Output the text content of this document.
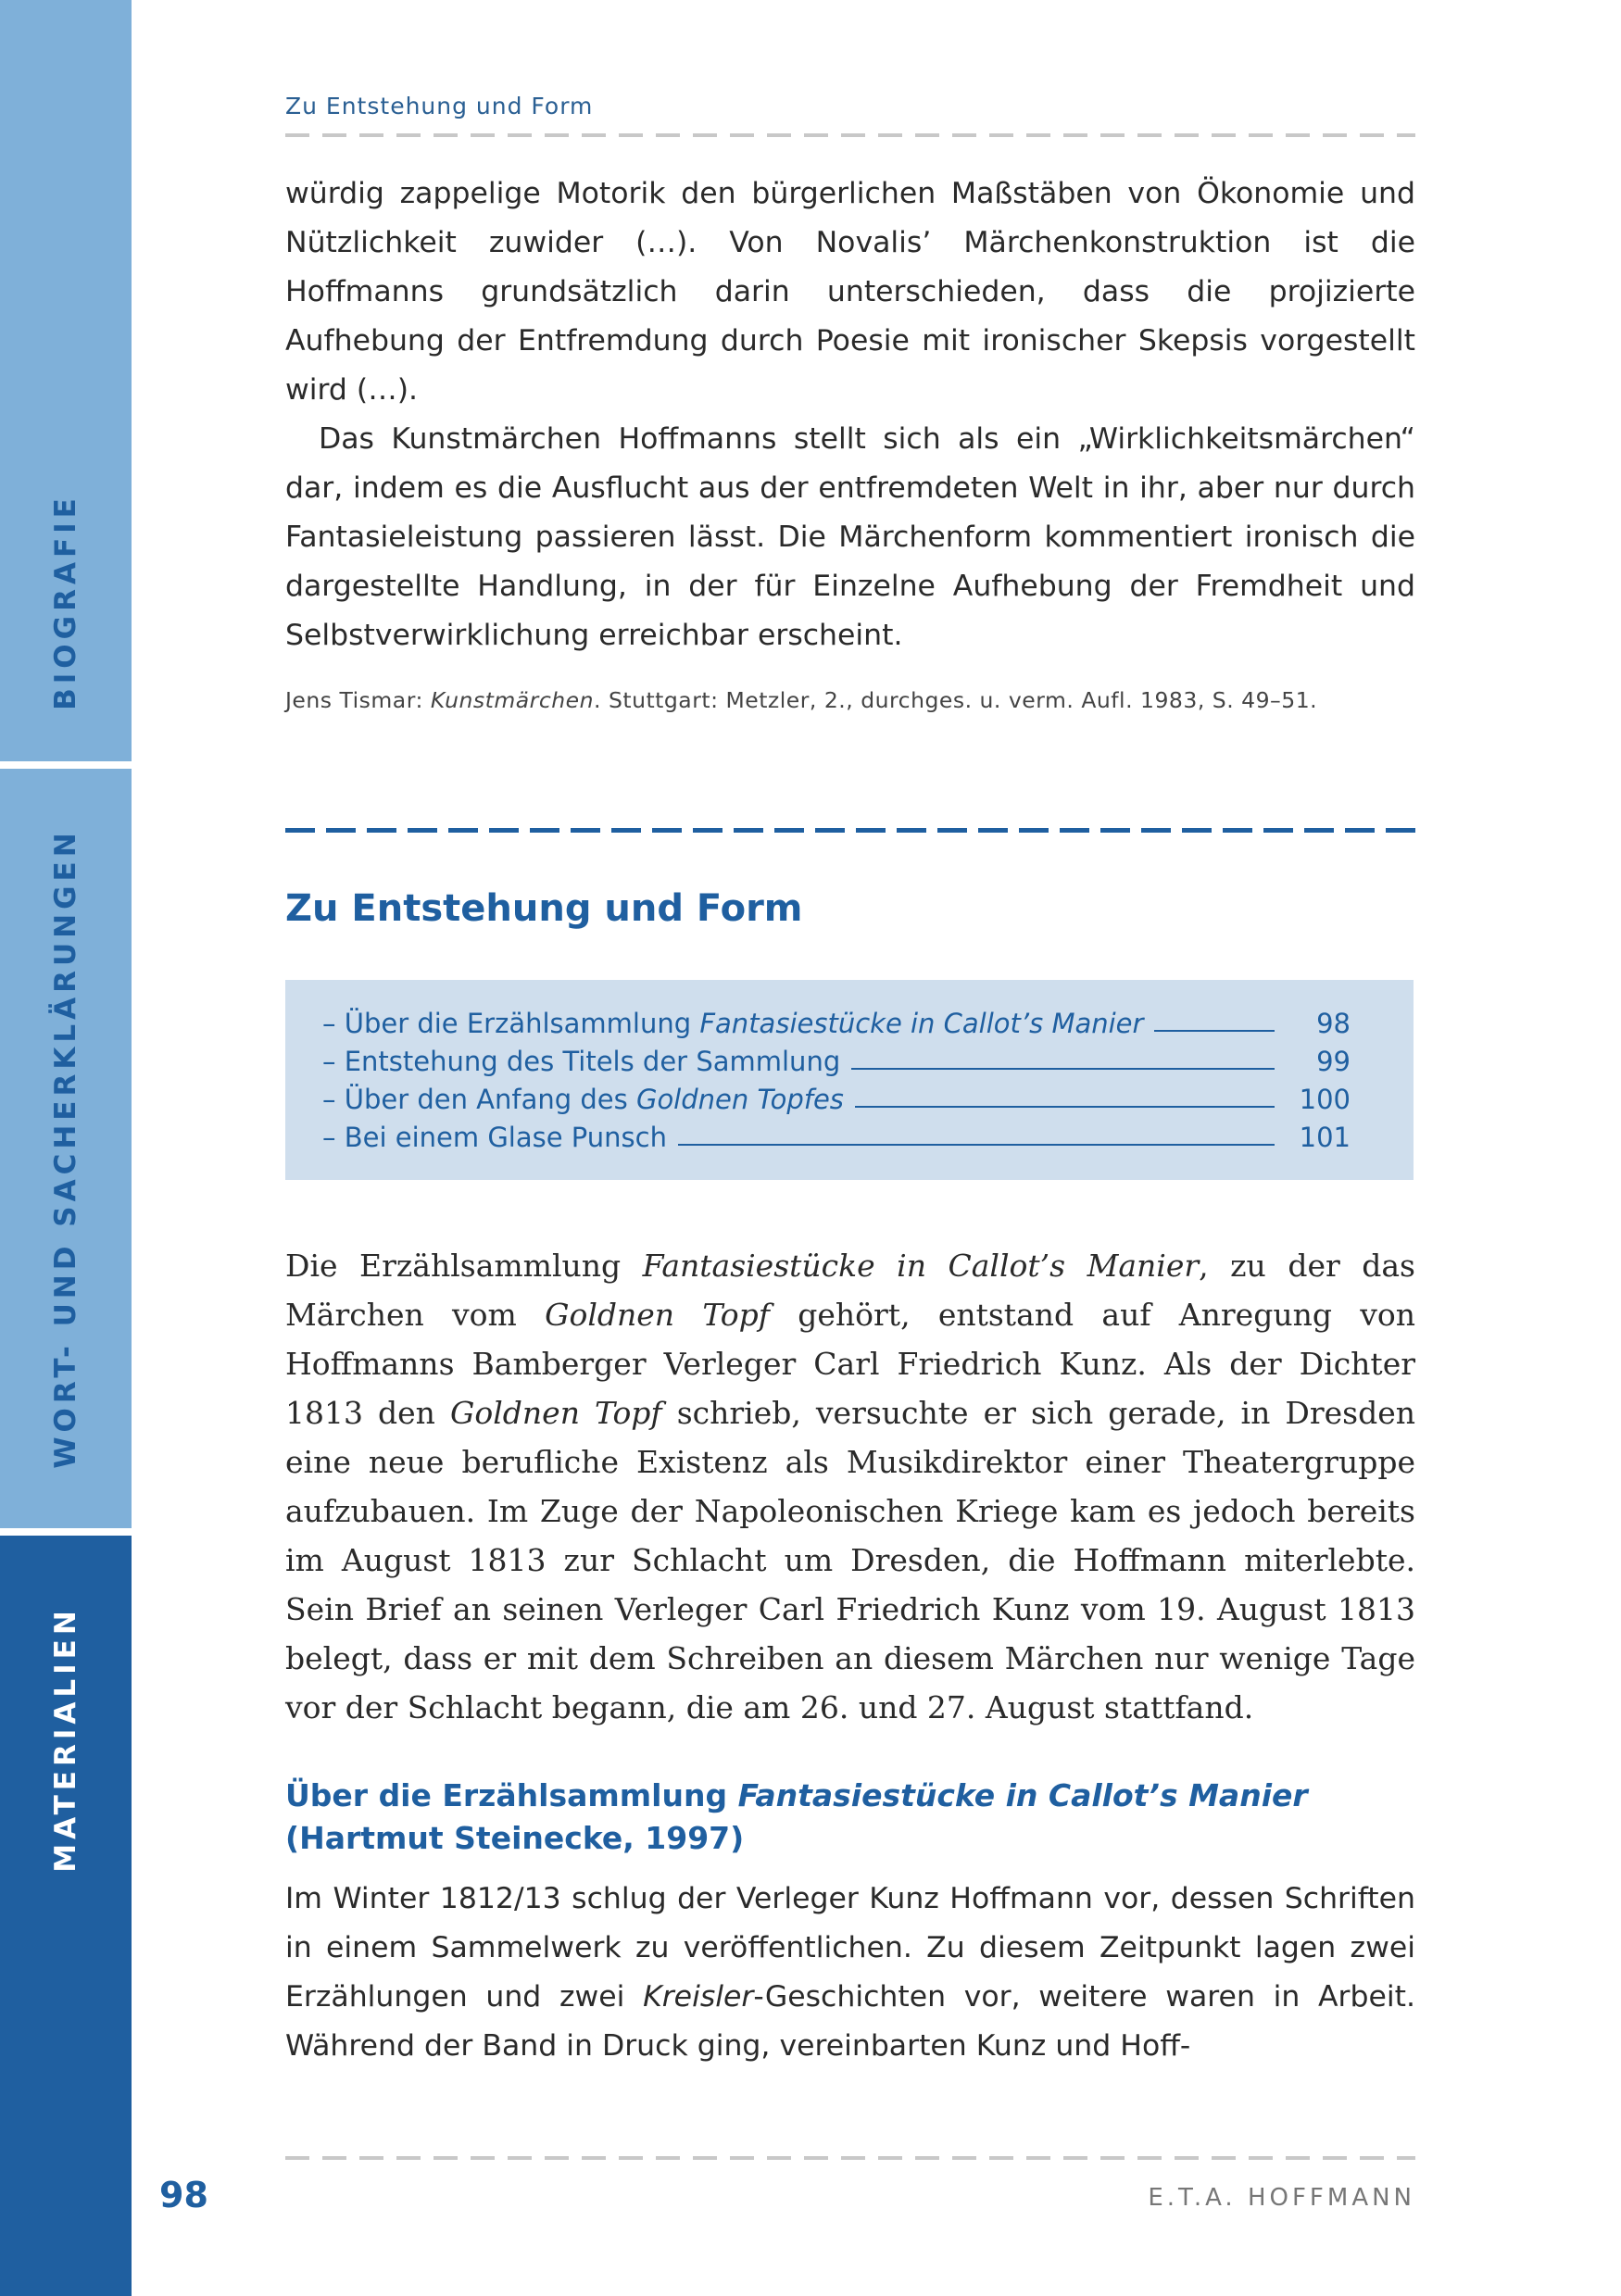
BIOGRAFIE
WORT- UND SACHERKLÄRUNGEN
MATERIALIEN
Zu Entstehung und Form

würdig zappelige Motorik den bürgerlichen Maßstäben von Ökonomie und Nützlichkeit zuwider (…). Von Novalis’ Märchenkonstruktion ist die Hoffmanns grundsätzlich darin unterschieden, dass die projizierte Aufhebung der Entfremdung durch Poesie mit ironischer Skepsis vorgestellt wird (…).

Das Kunstmärchen Hoffmanns stellt sich als ein „Wirklichkeitsmärchen“ dar, indem es die Ausflucht aus der entfremdeten Welt in ihr, aber nur durch Fantasieleistung passieren lässt. Die Märchenform kommentiert ironisch die dargestellte Handlung, in der für Einzelne Aufhebung der Fremdheit und Selbstverwirklichung erreichbar erscheint.

Jens Tismar: Kunstmärchen. Stuttgart: Metzler, 2., durchges. u. verm. Aufl. 1983, S. 49–51.
Zu Entstehung und Form
– Über die Erzählsammlung Fantasiestücke in Callot’s Manier	98
– Entstehung des Titels der Sammlung	99
– Über den Anfang des Goldnen Topfes	100
– Bei einem Glase Punsch	101

Die Erzählsammlung Fantasiestücke in Callot’s Manier, zu der das Märchen vom Goldnen Topf gehört, entstand auf Anregung von Hoffmanns Bamberger Verleger Carl Friedrich Kunz. Als der Dichter 1813 den Goldnen Topf schrieb, versuchte er sich gerade, in Dresden eine neue berufliche Existenz als Musikdirektor einer Theatergruppe aufzubauen. Im Zuge der Napoleonischen Kriege kam es jedoch bereits im August 1813 zur Schlacht um Dresden, die Hoffmann miterlebte. Sein Brief an seinen Verleger Carl Friedrich Kunz vom 19. August 1813 belegt, dass er mit dem Schreiben an diesem Märchen nur wenige Tage vor der Schlacht begann, die am 26. und 27. August stattfand.

Über die Erzählsammlung Fantasiestücke in Callot’s Manier (Hartmut Steinecke, 1997)

Im Winter 1812/13 schlug der Verleger Kunz Hoffmann vor, dessen Schriften in einem Sammelwerk zu veröffentlichen. Zu diesem Zeitpunkt lagen zwei Erzählungen und zwei Kreisler-Geschichten vor, weitere waren in Arbeit. Während der Band in Druck ging, vereinbarten Kunz und Hoff-

98	E.T.A. HOFFMANN
